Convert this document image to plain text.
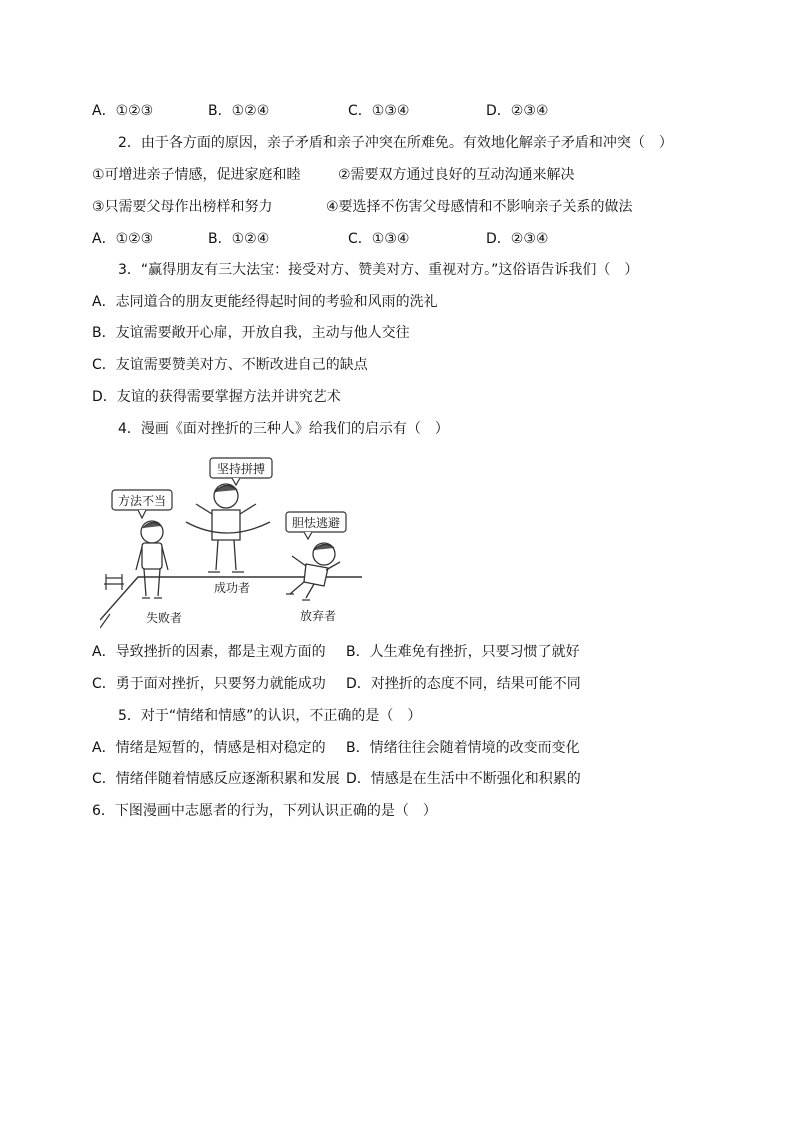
A．①②③	B．①②④	C．①③④	D．②③④
2．由于各方面的原因，亲子矛盾和亲子冲突在所难免。有效地化解亲子矛盾和冲突（　）
①可增进亲子情感，促进家庭和睦	②需要双方通过良好的互动沟通来解决
③只需要父母作出榜样和努力	④要选择不伤害父母感情和不影响亲子关系的做法
A．①②③	B．①②④	C．①③④	D．②③④
3．“赢得朋友有三大法宝：接受对方、赞美对方、重视对方。”这俗语告诉我们（　）
A．志同道合的朋友更能经得起时间的考验和风雨的洗礼
B．友谊需要敞开心扉，开放自我，主动与他人交往
C．友谊需要赞美对方、不断改进自己的缺点
D．友谊的获得需要掌握方法并讲究艺术
4．漫画《面对挫折的三种人》给我们的启示有（　）
方法不当
失败者
坚持拼搏
成功者
胆怯逃避
放弃者
A．导致挫折的因素，都是主观方面的 B．人生难免有挫折，只要习惯了就好
C．勇于面对挫折，只要努力就能成功 D．对挫折的态度不同，结果可能不同
5．对于“情绪和情感”的认识，不正确的是（　）
A．情绪是短暂的，情感是相对稳定的 B．情绪往往会随着情境的改变而变化
C．情绪伴随着情感反应逐渐积累和发展 D．情感是在生活中不断强化和积累的
6．下图漫画中志愿者的行为，下列认识正确的是（　）
